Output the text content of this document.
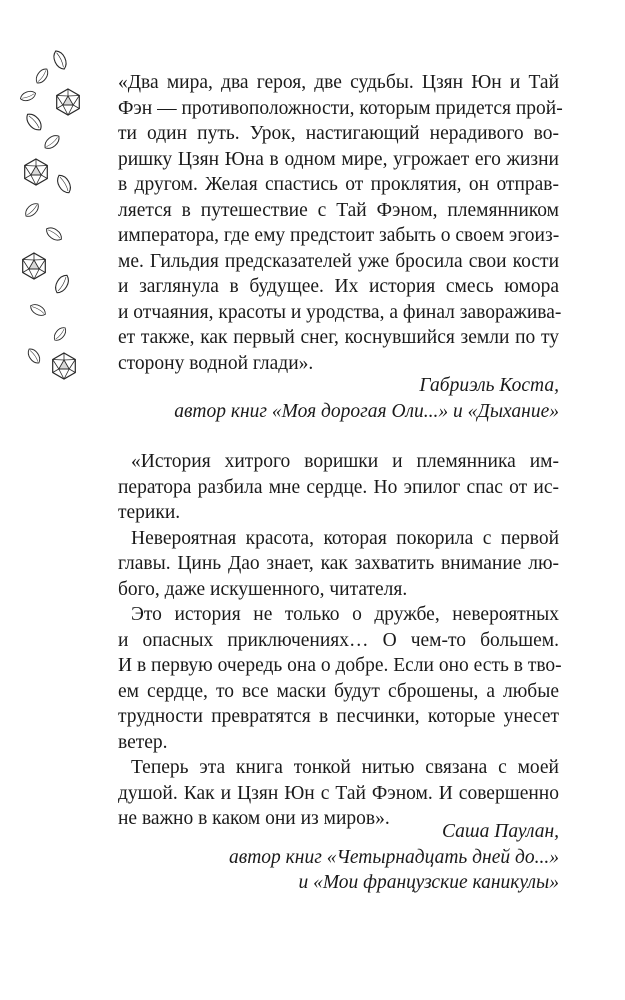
«Два мира, два героя, две судьбы. Цзян Юн и Тай
Фэн — противоположности, которым придется прой-
ти один путь. Урок, настигающий нерадивого во-
ришку Цзян Юна в одном мире, угрожает его жизни
в другом. Желая спастись от проклятия, он отправ-
ляется в путешествие с Тай Фэном, племянником
императора, где ему предстоит забыть о своем эгоиз-
ме. Гильдия предсказателей уже бросила свои кости
и заглянула в будущее. Их история смесь юмора
и отчаяния, красоты и уродства, а финал заворажива-
ет также, как первый снег, коснувшийся земли по ту
сторону водной глади».
Габриэль Коста,
автор книг «Моя дорогая Оли...» и «Дыхание»
«История хитрого воришки и племянника им-
ператора разбила мне сердце. Но эпилог спас от ис-
терики.
Невероятная красота, которая покорила с первой
главы. Цинь Дао знает, как захватить внимание лю-
бого, даже искушенного, читателя.
Это история не только о дружбе, невероятных
и опасных приключениях… О чем-то большем.
И в первую очередь она о добре. Если оно есть в тво-
ем сердце, то все маски будут сброшены, а любые
трудности превратятся в песчинки, которые унесет
ветер.
Теперь эта книга тонкой нитью связана с моей
душой. Как и Цзян Юн с Тай Фэном. И совершенно
не важно в каком они из миров».
Саша Паулан,
автор книг «Четырнадцать дней до...»
и «Мои французские каникулы»
